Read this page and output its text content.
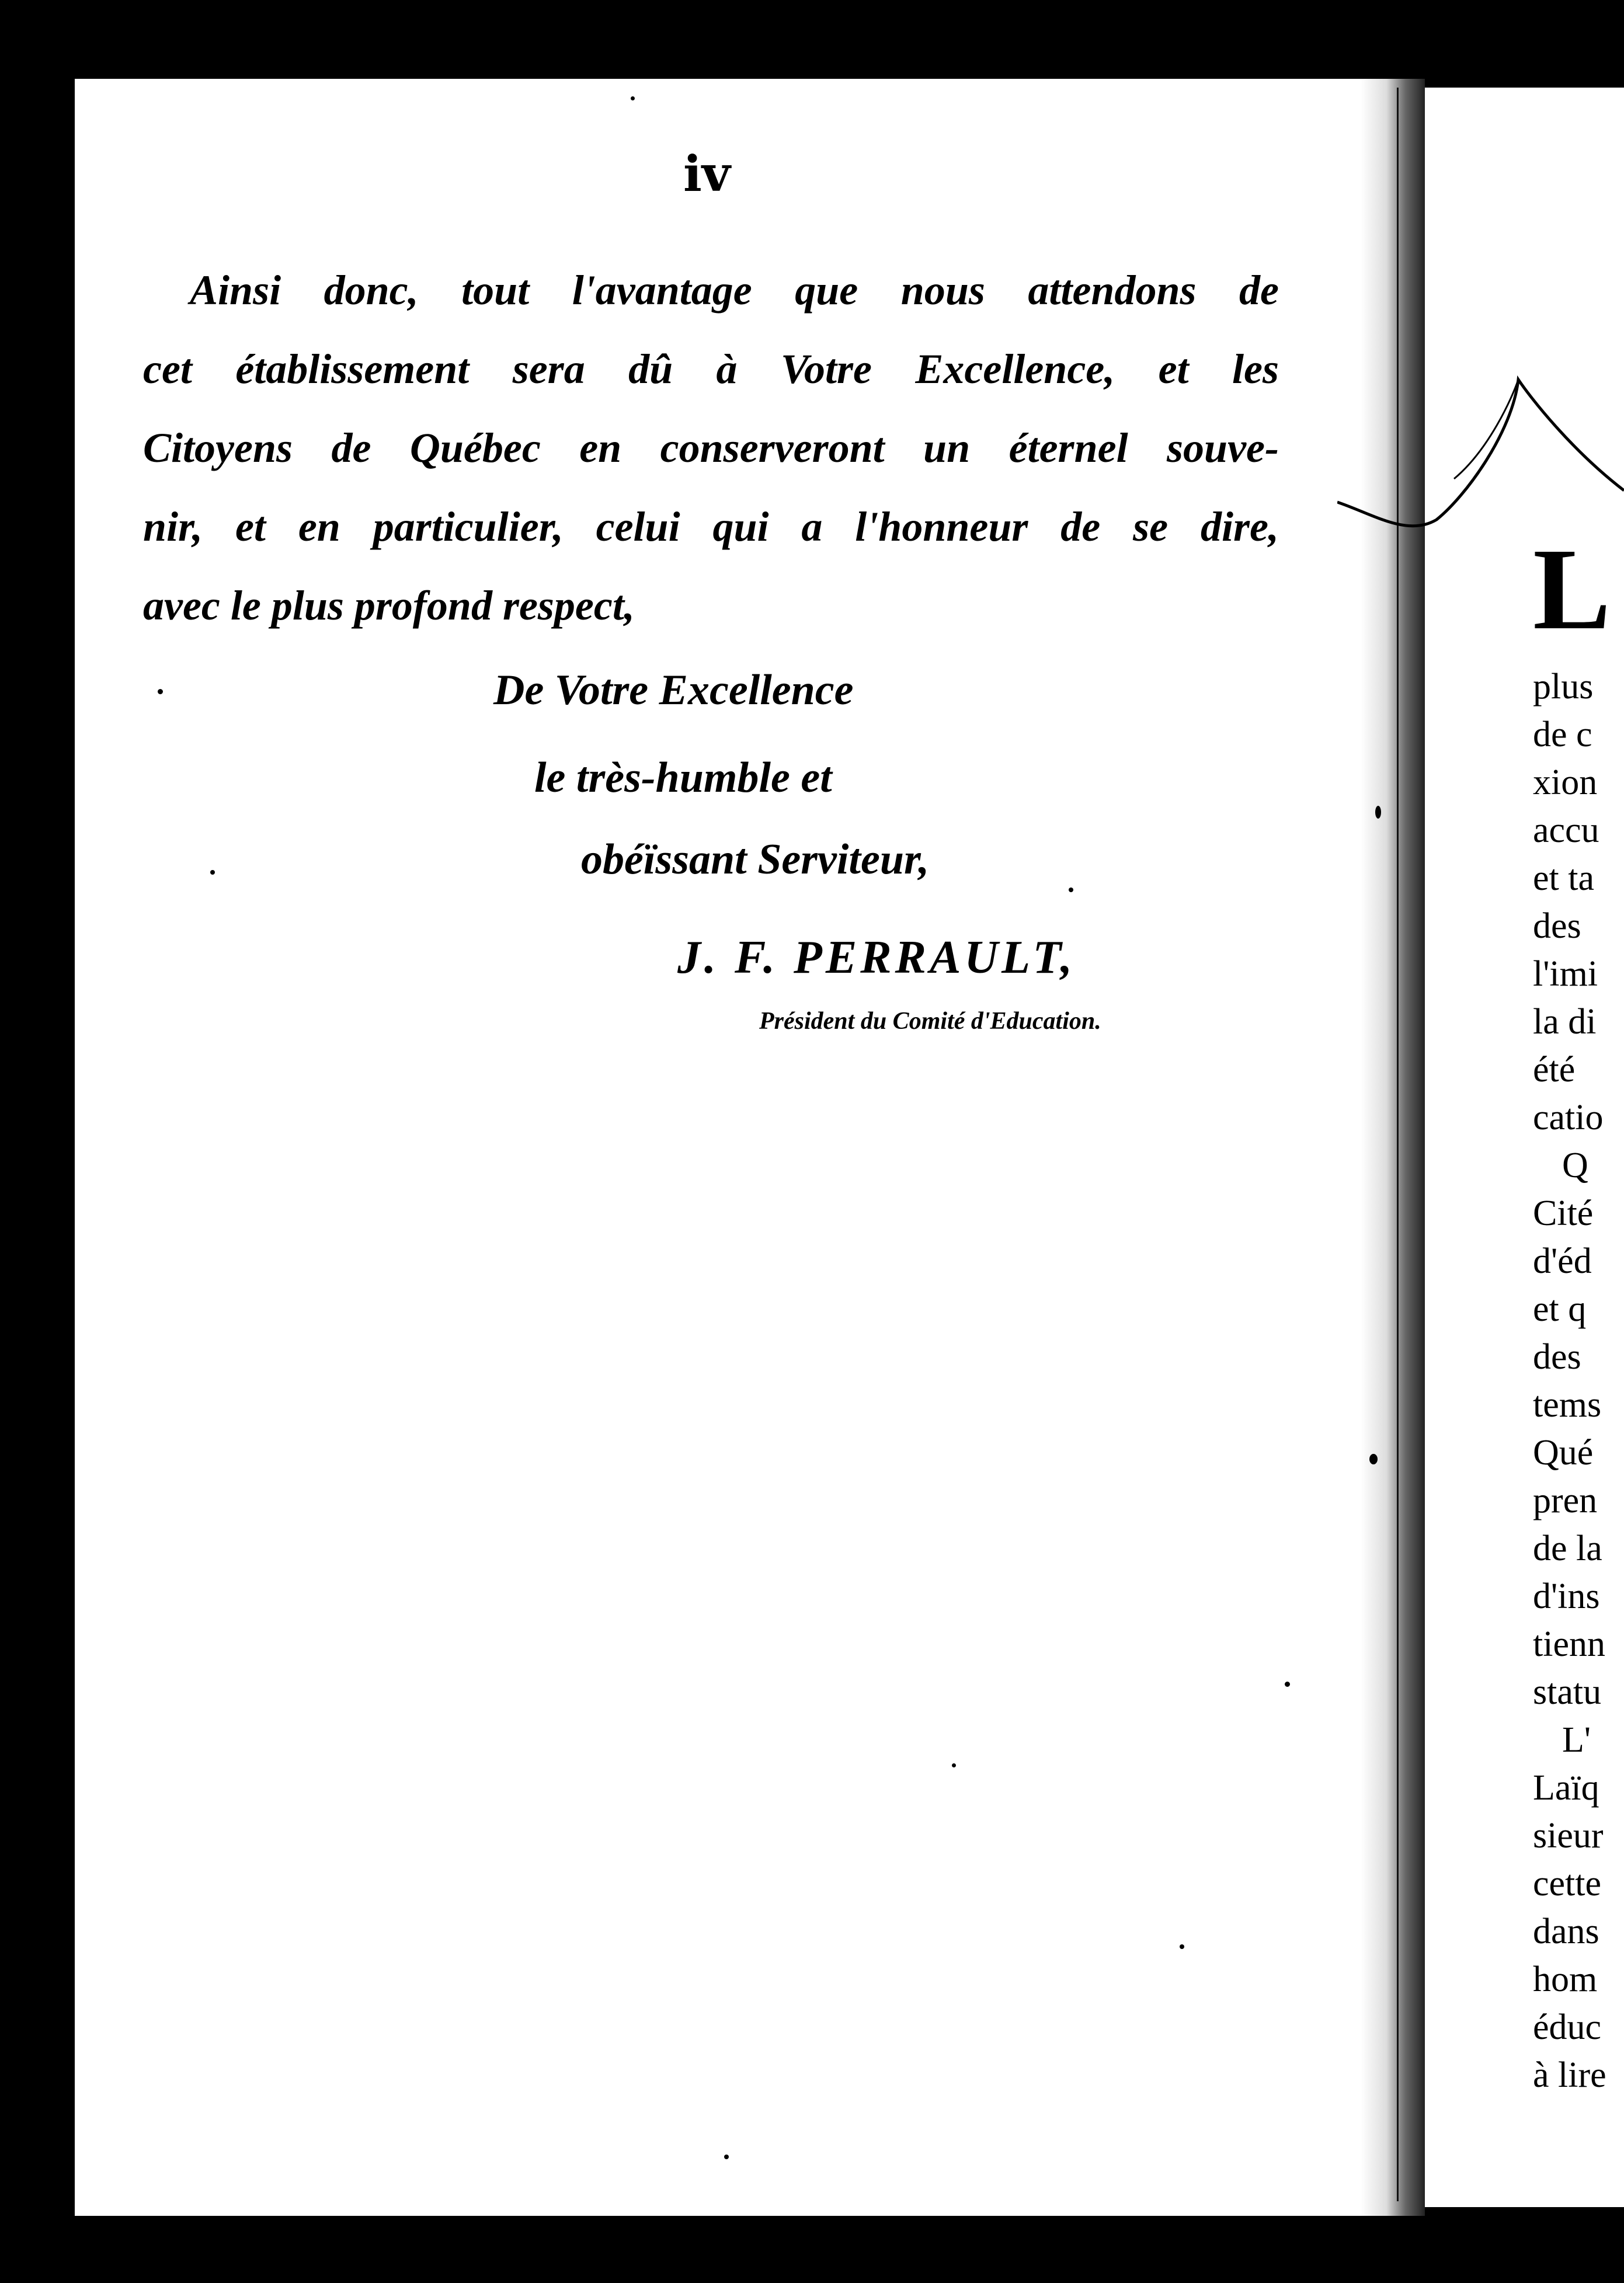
L
plus
de c
xion
accu
et ta
des
l'imi
la di
été
catio
Q
Cité
d'éd
et q
des
tems
Qué
pren
de la
d'ins
tienn
statu
L'
Laïq
sieur
cette
dans
hom
éduc
à lire
iv
Ainsi donc, tout l'avantage que nous attendons de
cet établissement sera dû à Votre Excellence, et les
Citoyens de Québec en conserveront un éternel souve-
nir, et en particulier, celui qui a l'honneur de se dire,
avec le plus profond respect,
De Votre Excellence
le très-humble et
obéïssant Serviteur,
J. F. PERRAULT,
Président du Comité d'Education.
